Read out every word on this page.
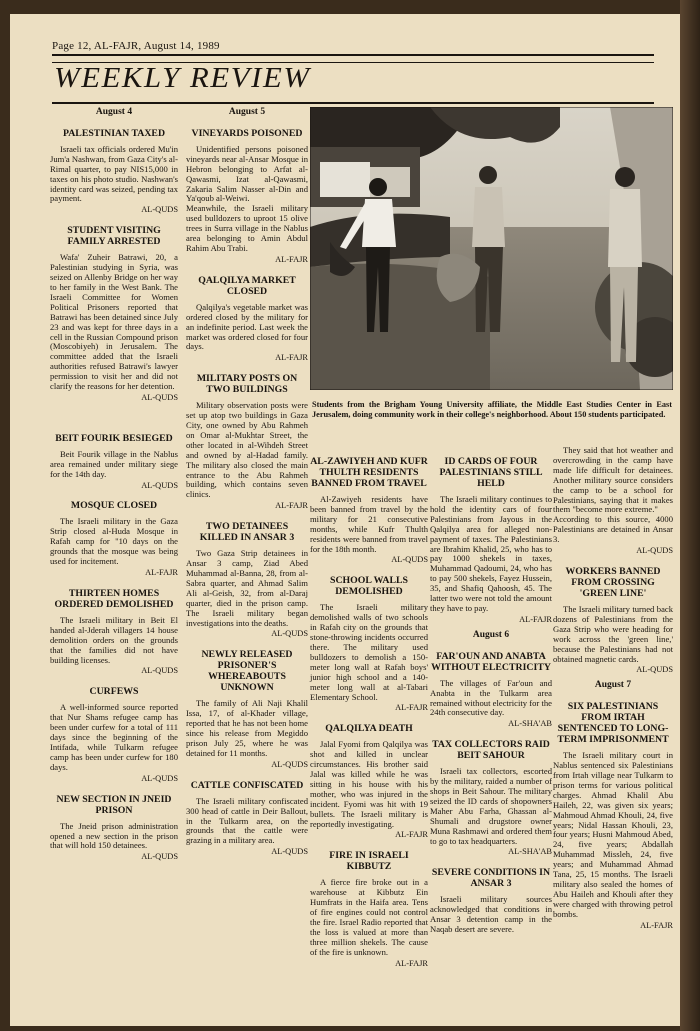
Page 12, AL-FAJR, August 14, 1989
WEEKLY REVIEW
August 4
PALESTINIAN TAXED
Israeli tax officials ordered Mu'in Jum'a Nashwan, from Gaza City's al-Rimal quarter, to pay NIS15,000 in taxes on his photo studio. Nashwan's identity card was seized, pending tax payment.
AL-QUDS
STUDENT VISITING FAMILY ARRESTED
Wafa' Zuheir Batrawi, 20, a Palestinian studying in Syria, was seized on Allenby Bridge on her way to her family in the West Bank. The Israeli Committee for Women Political Prisoners reported that Batrawi has been detained since July 23 and was kept for three days in a cell in the Russian Compound prison (Moscobiyeh) in Jerusalem. The committee added that the Israeli authorities refused Batrawi's lawyer permission to visit her and did not clarify the reasons for her detention.
AL-QUDS
BEIT FOURIK BESIEGED
Beit Fourik village in the Nablus area remained under military siege for the 14th day.
AL-QUDS
MOSQUE CLOSED
The Israeli military in the Gaza Strip closed al-Huda Mosque in Rafah camp for "10 days on the grounds that the mosque was being used for incitement.
AL-FAJR
THIRTEEN HOMES ORDERED DEMOLISHED
The Israeli military in Beit El handed al-Jderah villagers 14 house demolition orders on the grounds that the families did not have building licenses.
AL-QUDS
CURFEWS
A well-informed source reported that Nur Shams refugee camp has been under curfew for a total of 111 days since the beginning of the Intifada, while Tulkarm refugee camp has been under curfew for 180 days.
AL-QUDS
NEW SECTION IN JNEID PRISON
The Jneid prison administration opened a new section in the prison that will hold 150 detainees.
AL-QUDS
August 5
VINEYARDS POISONED
Unidentified persons poisoned vineyards near al-Ansar Mosque in Hebron belonging to Arfat al-Qawasmi, Izat al-Qawasmi, Zakaria Salim Nasser al-Din and Ya'qoub al-Weiwi.
Meanwhile, the Israeli military used bulldozers to uproot 15 olive trees in Surra village in the Nablus area belonging to Amin Abdul Rahim Abu Trabi.
AL-FAJR
QALQILYA MARKET CLOSED
Qalqilya's vegetable market was ordered closed by the military for an indefinite period. Last week the market was ordered closed for four days.
AL-FAJR
MILITARY POSTS ON TWO BUILDINGS
Military observation posts were set up atop two buildings in Gaza City, one owned by Abu Rahmeh on Omar al-Mukhtar Street, the other located in al-Wihdeh Street and owned by al-Hadad family. The military also closed the main entrance to the Abu Rahmeh building, which contains seven clinics.
AL-FAJR
TWO DETAINEES KILLED IN ANSAR 3
Two Gaza Strip detainees in Ansar 3 camp, Ziad Abed Muhammad al-Banna, 28, from al-Sabra quarter, and Ahmad Salim Ali al-Geish, 32, from al-Daraj quarter, died in the prison camp. The Israeli military began investigations into the deaths.
AL-QUDS
NEWLY RELEASED PRISONER'S WHEREABOUTS UNKNOWN
The family of Ali Naji Khalil Issa, 17, of al-Khader village, reported that he has not been home since his release from Megiddo prison July 25, where he was detained for 11 months.
AL-QUDS
CATTLE CONFISCATED
The Israeli military confiscated 300 head of cattle in Deir Ballout, in the Tulkarm area, on the grounds that the cattle were grazing in a military area.
AL-QUDS
Students from the Brigham Young University affiliate, the Middle East Studies Center in East Jerusalem, doing community work in their college's neighborhood. About 150 students participated.
AL-ZAWIYEH AND KUFR THULTH RESIDENTS BANNED FROM TRAVEL
Al-Zawiyeh residents have been banned from travel by the military for 21 consecutive months, while Kufr Thulth residents were banned from travel for the 18th month.
AL-QUDS
SCHOOL WALLS DEMOLISHED
The Israeli military demolished walls of two schools in Rafah city on the grounds that stone-throwing incidents occurred there. The military used bulldozers to demolish a 150-meter long wall at Rafah boys' junior high school and a 140-meter long wall at al-Tabari Elementary School.
AL-FAJR
QALQILYA DEATH
Jalal Fyomi from Qalqilya was shot and killed in unclear circumstances. His brother said Jalal was killed while he was sitting in his house with his mother, who was injured in the incident. Fyomi was hit with 19 bullets. The Israeli military is reportedly investigating.
AL-FAJR
FIRE IN ISRAELI KIBBUTZ
A fierce fire broke out in a warehouse at Kibbutz Ein Humfrats in the Haifa area. Tens of fire engines could not control the fire. Israel Radio reported that the loss is valued at more than three million shekels. The cause of the fire is unknown.
AL-FAJR
ID CARDS OF FOUR PALESTINIANS STILL HELD
The Israeli military continues to hold the identity cars of four Palestinians from Jayous in the Qalqilya area for alleged non-payment of taxes. The Palestinians are Ibrahim Khalid, 25, who has to pay 1000 shekels in taxes, Muhammad Qadoumi, 24, who has to pay 500 shekels, Fayez Hussein, 35, and Shafiq Qahoosh, 45. The latter two were not told the amount they have to pay.
AL-FAJR
August 6
FAR'OUN AND ANABTA WITHOUT ELECTRICITY
The villages of Far'oun and Anabta in the Tulkarm area remained without electricity for the 24th consecutive day.
AL-SHA'AB
TAX COLLECTORS RAID BEIT SAHOUR
Israeli tax collectors, escorted by the military, raided a number of shops in Beit Sahour. The military seized the ID cards of shopowners Maher Abu Farha, Ghassan al-Shumali and drugstore owner Muna Rashmawi and ordered them to go to tax headquarters.
AL-SHA'AB
SEVERE CONDITIONS IN ANSAR 3
Israeli military sources acknowledged that conditions in Ansar 3 detention camp in the Naqab desert are severe.
They said that hot weather and overcrowding in the camp have made life difficult for detainees. Another military source considers the camp to be a school for Palestinians, saying that it makes them "become more extreme."
According to this source, 4000 Palestinians are detained in Ansar 3.
AL-QUDS
WORKERS BANNED FROM CROSSING 'GREEN LINE'
The Israeli military turned back dozens of Palestinians from the Gaza Strip who were heading for work across the 'green line,' because the Palestinians had not obtained magnetic cards.
AL-QUDS
August 7
SIX PALESTINIANS FROM IRTAH SENTENCED TO LONG-TERM IMPRISONMENT
The Israeli military court in Nablus sentenced six Palestinians from Irtah village near Tulkarm to prison terms for various political charges. Ahmad Khalil Abu Haileh, 22, was given six years; Mahmoud Ahmad Khouli, 24, five years; Nidal Hassan Khouli, 23, four years; Husni Mahmoud Abed, 24, five years; Abdallah Muhammad Missleh, 24, five years; and Muhammad Ahmad Tana, 25, 15 months. The Israeli military also sealed the homes of Abu Haileh and Khouli after they were charged with throwing petrol bombs.
AL-FAJR
